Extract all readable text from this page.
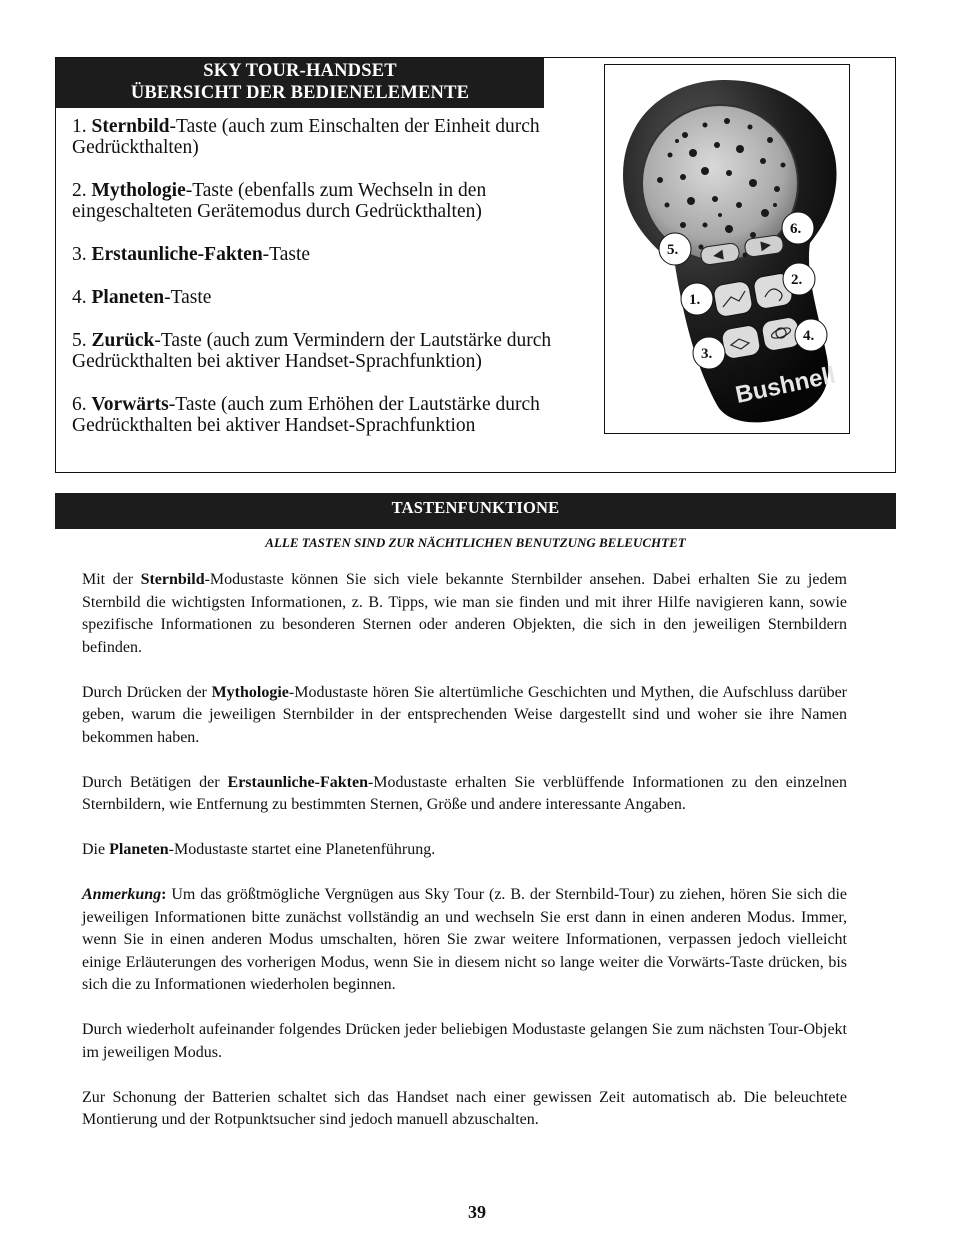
SKY TOUR-HANDSET
ÜBERSICHT DER BEDIENELEMENTE

1. Sternbild-Taste (auch zum Einschalten der Einheit durch Gedrückthalten)

2. Mythologie-Taste (ebenfalls zum Wechseln in den eingeschalteten Gerätemodus durch Gedrückthalten)

3. Erstaunliche-Fakten-Taste

4. Planeten-Taste

5. Zurück-Taste (auch zum Vermindern der Lautstärke durch Gedrückthalten bei aktiver Handset-Sprachfunktion)

6. Vorwärts-Taste (auch zum Erhöhen der Lautstärke durch Gedrückthalten bei aktiver Handset-Sprachfunktion

Bushnell
5.
6.
2.
1.
4.
3.
TASTENFUNKTIONE
ALLE TASTEN SIND ZUR NÄCHTLICHEN BENUTZUNG BELEUCHTET

Mit der Sternbild-Modustaste können Sie sich viele bekannte Sternbilder ansehen. Dabei erhalten Sie zu jedem Sternbild die wichtigsten Informationen, z. B. Tipps, wie man sie finden und mit ihrer Hilfe navigieren kann, sowie spezifische Informationen zu besonderen Sternen oder anderen Objekten, die sich in den jeweiligen Sternbildern befinden.

Durch Drücken der Mythologie-Modustaste hören Sie altertümliche Geschichten und Mythen, die Aufschluss darüber geben, warum die jeweiligen Sternbilder in der entsprechenden Weise dargestellt sind und woher sie ihre Namen bekommen haben.

Durch Betätigen der Erstaunliche-Fakten-Modustaste erhalten Sie verblüffende Informationen zu den einzelnen Sternbildern, wie Entfernung zu bestimmten Sternen, Größe und andere interessante Angaben.

Die Planeten-Modustaste startet eine Planetenführung.

Anmerkung: Um das größtmögliche Vergnügen aus Sky Tour (z. B. der Sternbild-Tour) zu ziehen, hören Sie sich die jeweiligen Informationen bitte zunächst vollständig an und wechseln Sie erst dann in einen anderen Modus. Immer, wenn Sie in einen anderen Modus umschalten, hören Sie zwar weitere Informationen, verpassen jedoch vielleicht einige Erläuterungen des vorherigen Modus, wenn Sie in diesem nicht so lange weiter die Vorwärts-Taste drücken, bis sich die zu Informationen wiederholen beginnen.

Durch wiederholt aufeinander folgendes Drücken jeder beliebigen Modustaste gelangen Sie zum nächsten Tour-Objekt im jeweiligen Modus.

Zur Schonung der Batterien schaltet sich das Handset nach einer gewissen Zeit automatisch ab. Die beleuchtete Montierung und der Rotpunktsucher sind jedoch manuell abzuschalten.

39
